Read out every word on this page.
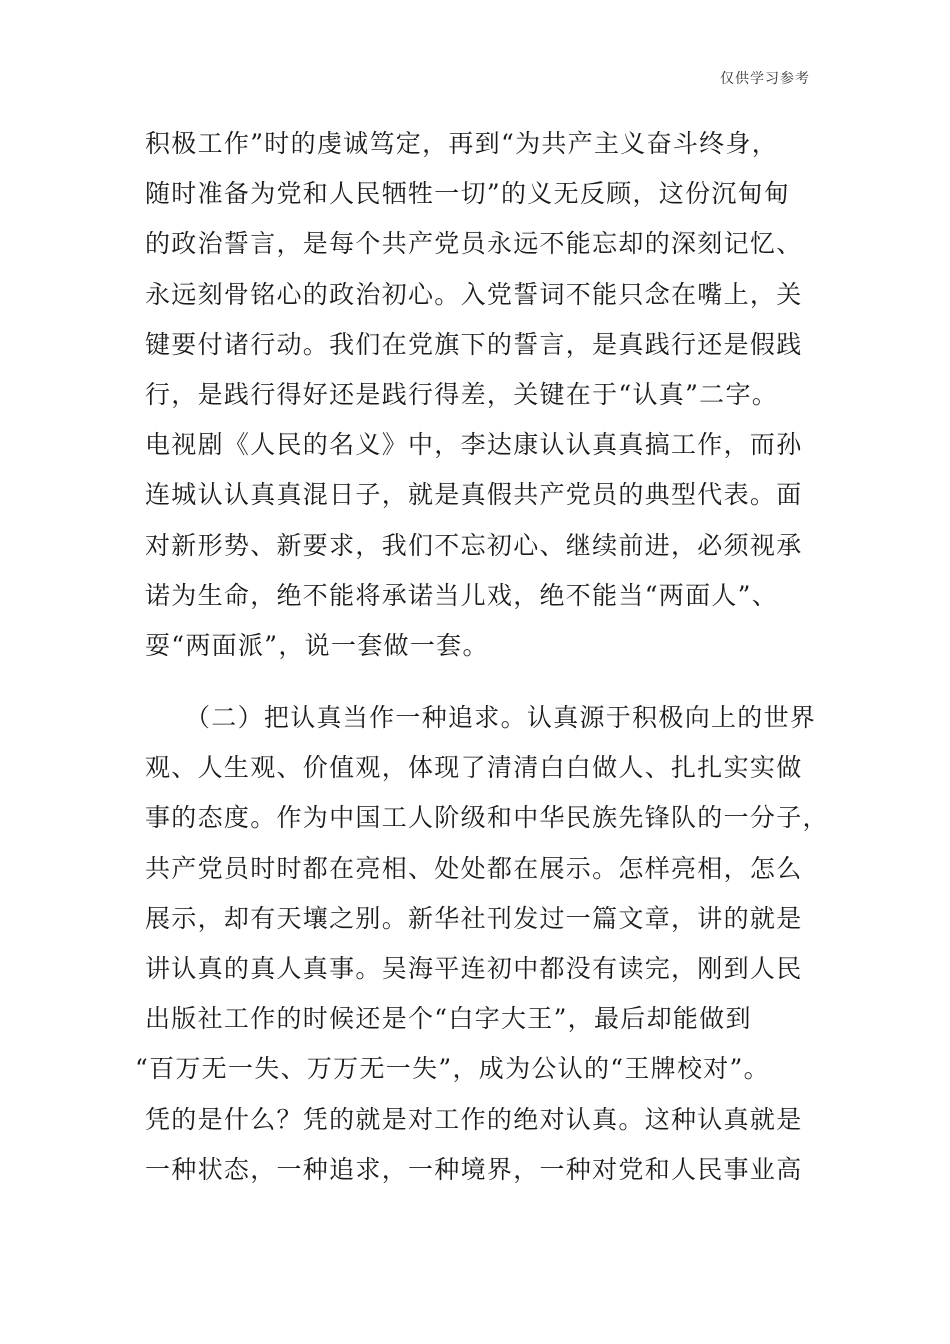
仅供学习参考
积极工作”时的虔诚笃定，再到“为共产主义奋斗终身，
随时准备为党和人民牺牲一切”的义无反顾，这份沉甸甸
的政治誓言，是每个共产党员永远不能忘却的深刻记忆、
永远刻骨铭心的政治初心。入党誓词不能只念在嘴上，关
键要付诸行动。我们在党旗下的誓言，是真践行还是假践
行，是践行得好还是践行得差，关键在于“认真”二字。
电视剧《人民的名义》中，李达康认认真真搞工作，而孙
连城认认真真混日子，就是真假共产党员的典型代表。面
对新形势、新要求，我们不忘初心、继续前进，必须视承
诺为生命，绝不能将承诺当儿戏，绝不能当“两面人”、
耍“两面派”，说一套做一套。
（二）把认真当作一种追求。认真源于积极向上的世界
观、人生观、价值观，体现了清清白白做人、扎扎实实做
事的态度。作为中国工人阶级和中华民族先锋队的一分子，
共产党员时时都在亮相、处处都在展示。怎样亮相，怎么
展示，却有天壤之别。新华社刊发过一篇文章，讲的就是
讲认真的真人真事。吴海平连初中都没有读完，刚到人民
出版社工作的时候还是个“白字大王”，最后却能做到
“百万无一失、万万无一失”，成为公认的“王牌校对”。
凭的是什么？凭的就是对工作的绝对认真。这种认真就是
一种状态，一种追求，一种境界，一种对党和人民事业高
